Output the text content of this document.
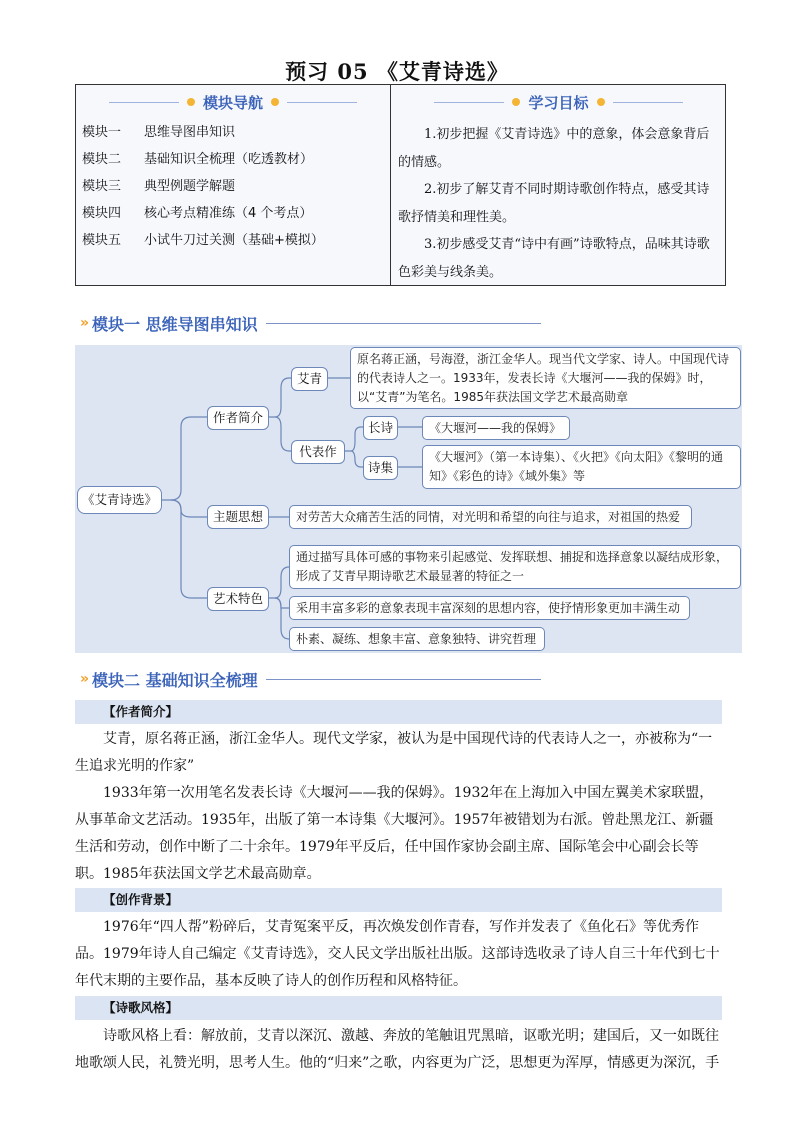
预习 05 《艾青诗选》
模块导航
模块一 思维导图串知识
模块二 基础知识全梳理（吃透教材）
模块三 典型例题学解题
模块四 核心考点精准练（4 个考点）
模块五 小试牛刀过关测（基础+模拟）
学习目标

1.初步把握《艾青诗选》中的意象，体会意象背后的情感。

2.初步了解艾青不同时期诗歌创作特点，感受其诗歌抒情美和理性美。

3.初步感受艾青“诗中有画”诗歌特点，品味其诗歌色彩美与线条美。

» 模块一 思维导图串知识
《艾青诗选》
作者简介
艾青
原名蒋正涵，号海澄，浙江金华人。现当代文学家、诗人。中国现代诗的代表诗人之一。1933年，发表长诗《大堰河——我的保姆》时，以“艾青”为笔名。1985年获法国文学艺术最高勋章
代表作
长诗	《大堰河——我的保姆》
诗集
《大堰河》（第一本诗集）、《火把》《向太阳》《黎明的通知》《彩色的诗》《域外集》等
主题思想	对劳苦大众痛苦生活的同情，对光明和希望的向往与追求，对祖国的热爱
艺术特色
通过描写具体可感的事物来引起感觉、发挥联想、捕捉和选择意象以凝结成形象，形成了艾青早期诗歌艺术最显著的特征之一
采用丰富多彩的意象表现丰富深刻的思想内容，使抒情形象更加丰满生动
朴素、凝练、想象丰富、意象独特、讲究哲理
» 模块二 基础知识全梳理
【作者简介】

艾青，原名蒋正涵，浙江金华人。现代文学家，被认为是中国现代诗的代表诗人之一，亦被称为“一生追求光明的作家”

1933年第一次用笔名发表长诗《大堰河——我的保姆》。1932年在上海加入中国左翼美术家联盟，从事革命文艺活动。1935年，出版了第一本诗集《大堰河》。1957年被错划为右派。曾赴黑龙江、新疆生活和劳动，创作中断了二十余年。1979年平反后，任中国作家协会副主席、国际笔会中心副会长等职。1985年获法国文学艺术最高勋章。

【创作背景】

1976年“四人帮”粉碎后，艾青冤案平反，再次焕发创作青春，写作并发表了《鱼化石》等优秀作品。1979年诗人自己编定《艾青诗选》，交人民文学出版社出版。这部诗选收录了诗人自三十年代到七十年代末期的主要作品，基本反映了诗人的创作历程和风格特征。

【诗歌风格】

诗歌风格上看：解放前，艾青以深沉、激越、奔放的笔触诅咒黑暗，讴歌光明；建国后，又一如既往地歌颂人民，礼赞光明，思考人生。他的“归来”之歌，内容更为广泛，思想更为浑厚，情感更为深沉，手
